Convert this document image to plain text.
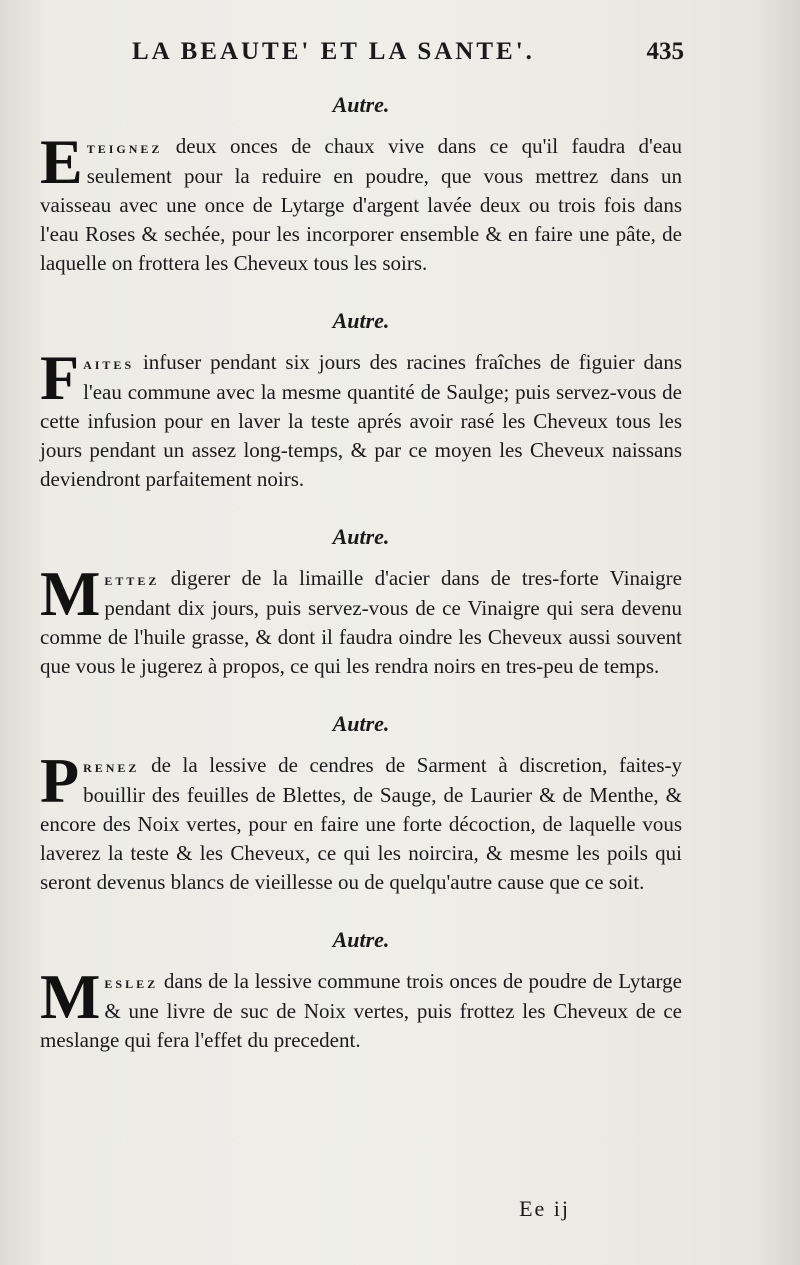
LA BEAUTE' ET LA SANTE'.	435
Autre.
Eteignez deux onces de chaux vive dans ce qu'il faudra d'eau seulement pour la reduire en poudre, que vous mettrez dans un vaisseau avec une once de Lytarge d'argent lavée deux ou trois fois dans l'eau Roses & sechée, pour les incorporer ensemble & en faire une pâte, de laquelle on frottera les Cheveux tous les soirs.
Autre.
Faites infuser pendant six jours des racines fraîches de figuier dans l'eau commune avec la mesme quantité de Saulge; puis servez-vous de cette infusion pour en laver la teste aprés avoir rasé les Cheveux tous les jours pendant un assez long-temps, & par ce moyen les Cheveux naissans deviendront parfaitement noirs.
Autre.
Mettez digerer de la limaille d'acier dans de tres-forte Vinaigre pendant dix jours, puis servez-vous de ce Vinaigre qui sera devenu comme de l'huile grasse, & dont il faudra oindre les Cheveux aussi souvent que vous le jugerez à propos, ce qui les rendra noirs en tres-peu de temps.
Autre.
Prenez de la lessive de cendres de Sarment à discretion, faites-y bouillir des feuilles de Blettes, de Sauge, de Laurier & de Menthe, & encore des Noix vertes, pour en faire une forte décoction, de laquelle vous laverez la teste & les Cheveux, ce qui les noircira, & mesme les poils qui seront devenus blancs de vieillesse ou de quelqu'autre cause que ce soit.
Autre.
Meslez dans de la lessive commune trois onces de poudre de Lytarge & une livre de suc de Noix vertes, puis frottez les Cheveux de ce meslange qui fera l'effet du precedent.
Ee ij
